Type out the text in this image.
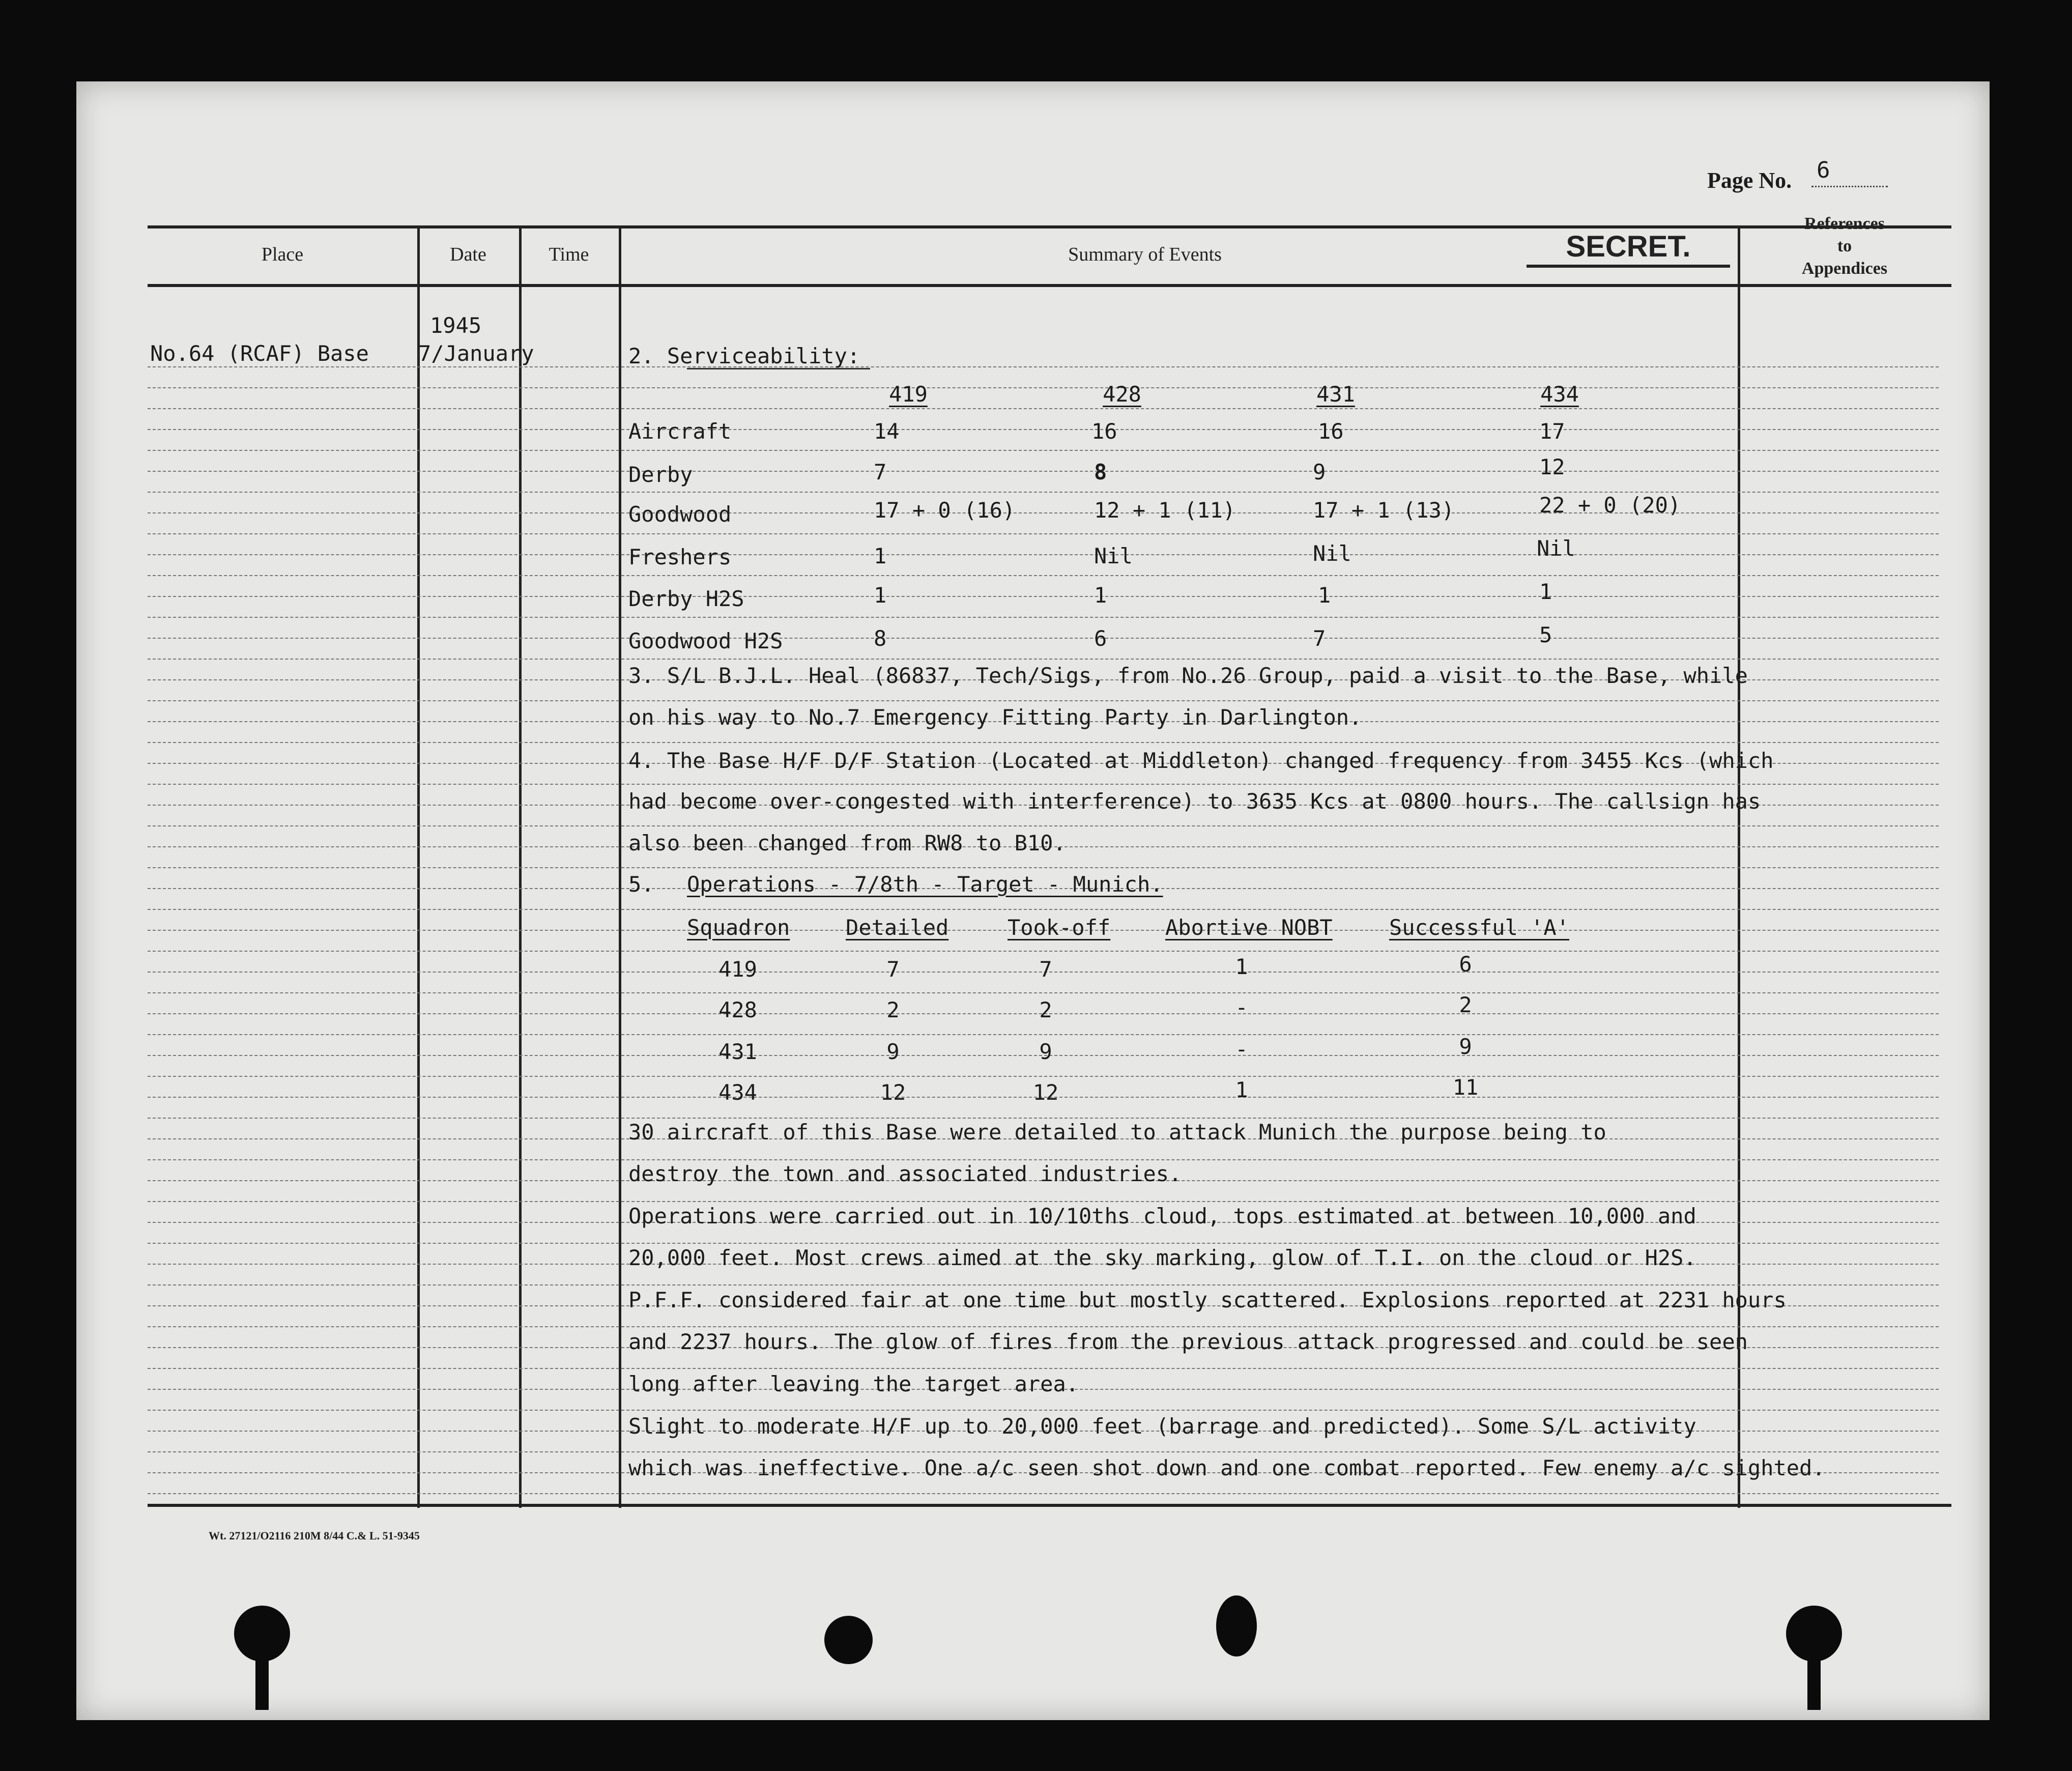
Page No. 6
Place	Date	Time	Summary of Events	SECRET.
References
to
Appendices
No.64 (RCAF) Base
1945
7/January	2. Serviceability:
419	428	431	434
Aircraft	14	16	16	17
Derby	7	8	9	12
Goodwood	17 + 0 (16)	12 + 1 (11)	17 + 1 (13)	22 + 0 (20)
Freshers	1	Nil	Nil	Nil
Derby H2S	1	1	1	1
Goodwood H2S	8	6	7	5
3. S/L B.J.L. Heal (86837, Tech/Sigs, from No.26 Group, paid a visit to the Base, while
on his way to No.7 Emergency Fitting Party in Darlington.
4. The Base H/F D/F Station (Located at Middleton) changed frequency from 3455 Kcs (which
had become over-congested with interference) to 3635 Kcs at 0800 hours. The callsign has
also been changed from RW8 to B10.
5. Operations - 7/8th - Target - Munich.
Squadron	Detailed	Took-off	Abortive NOBT	Successful 'A'
419	7	7	1	6
428	2	2	-	2
431	9	9	-	9
434	12	12	1	11
30 aircraft of this Base were detailed to attack Munich the purpose being to
destroy the town and associated industries.
Operations were carried out in 10/10ths cloud, tops estimated at between 10,000 and
20,000 feet. Most crews aimed at the sky marking, glow of T.I. on the cloud or H2S.
P.F.F. considered fair at one time but mostly scattered. Explosions reported at 2231 hours
and 2237 hours. The glow of fires from the previous attack progressed and could be seen
long after leaving the target area.
Slight to moderate H/F up to 20,000 feet (barrage and predicted). Some S/L activity
which was ineffective. One a/c seen shot down and one combat reported. Few enemy a/c sighted.
Wt. 27121/O2116 210M 8/44 C.& L. 51-9345
